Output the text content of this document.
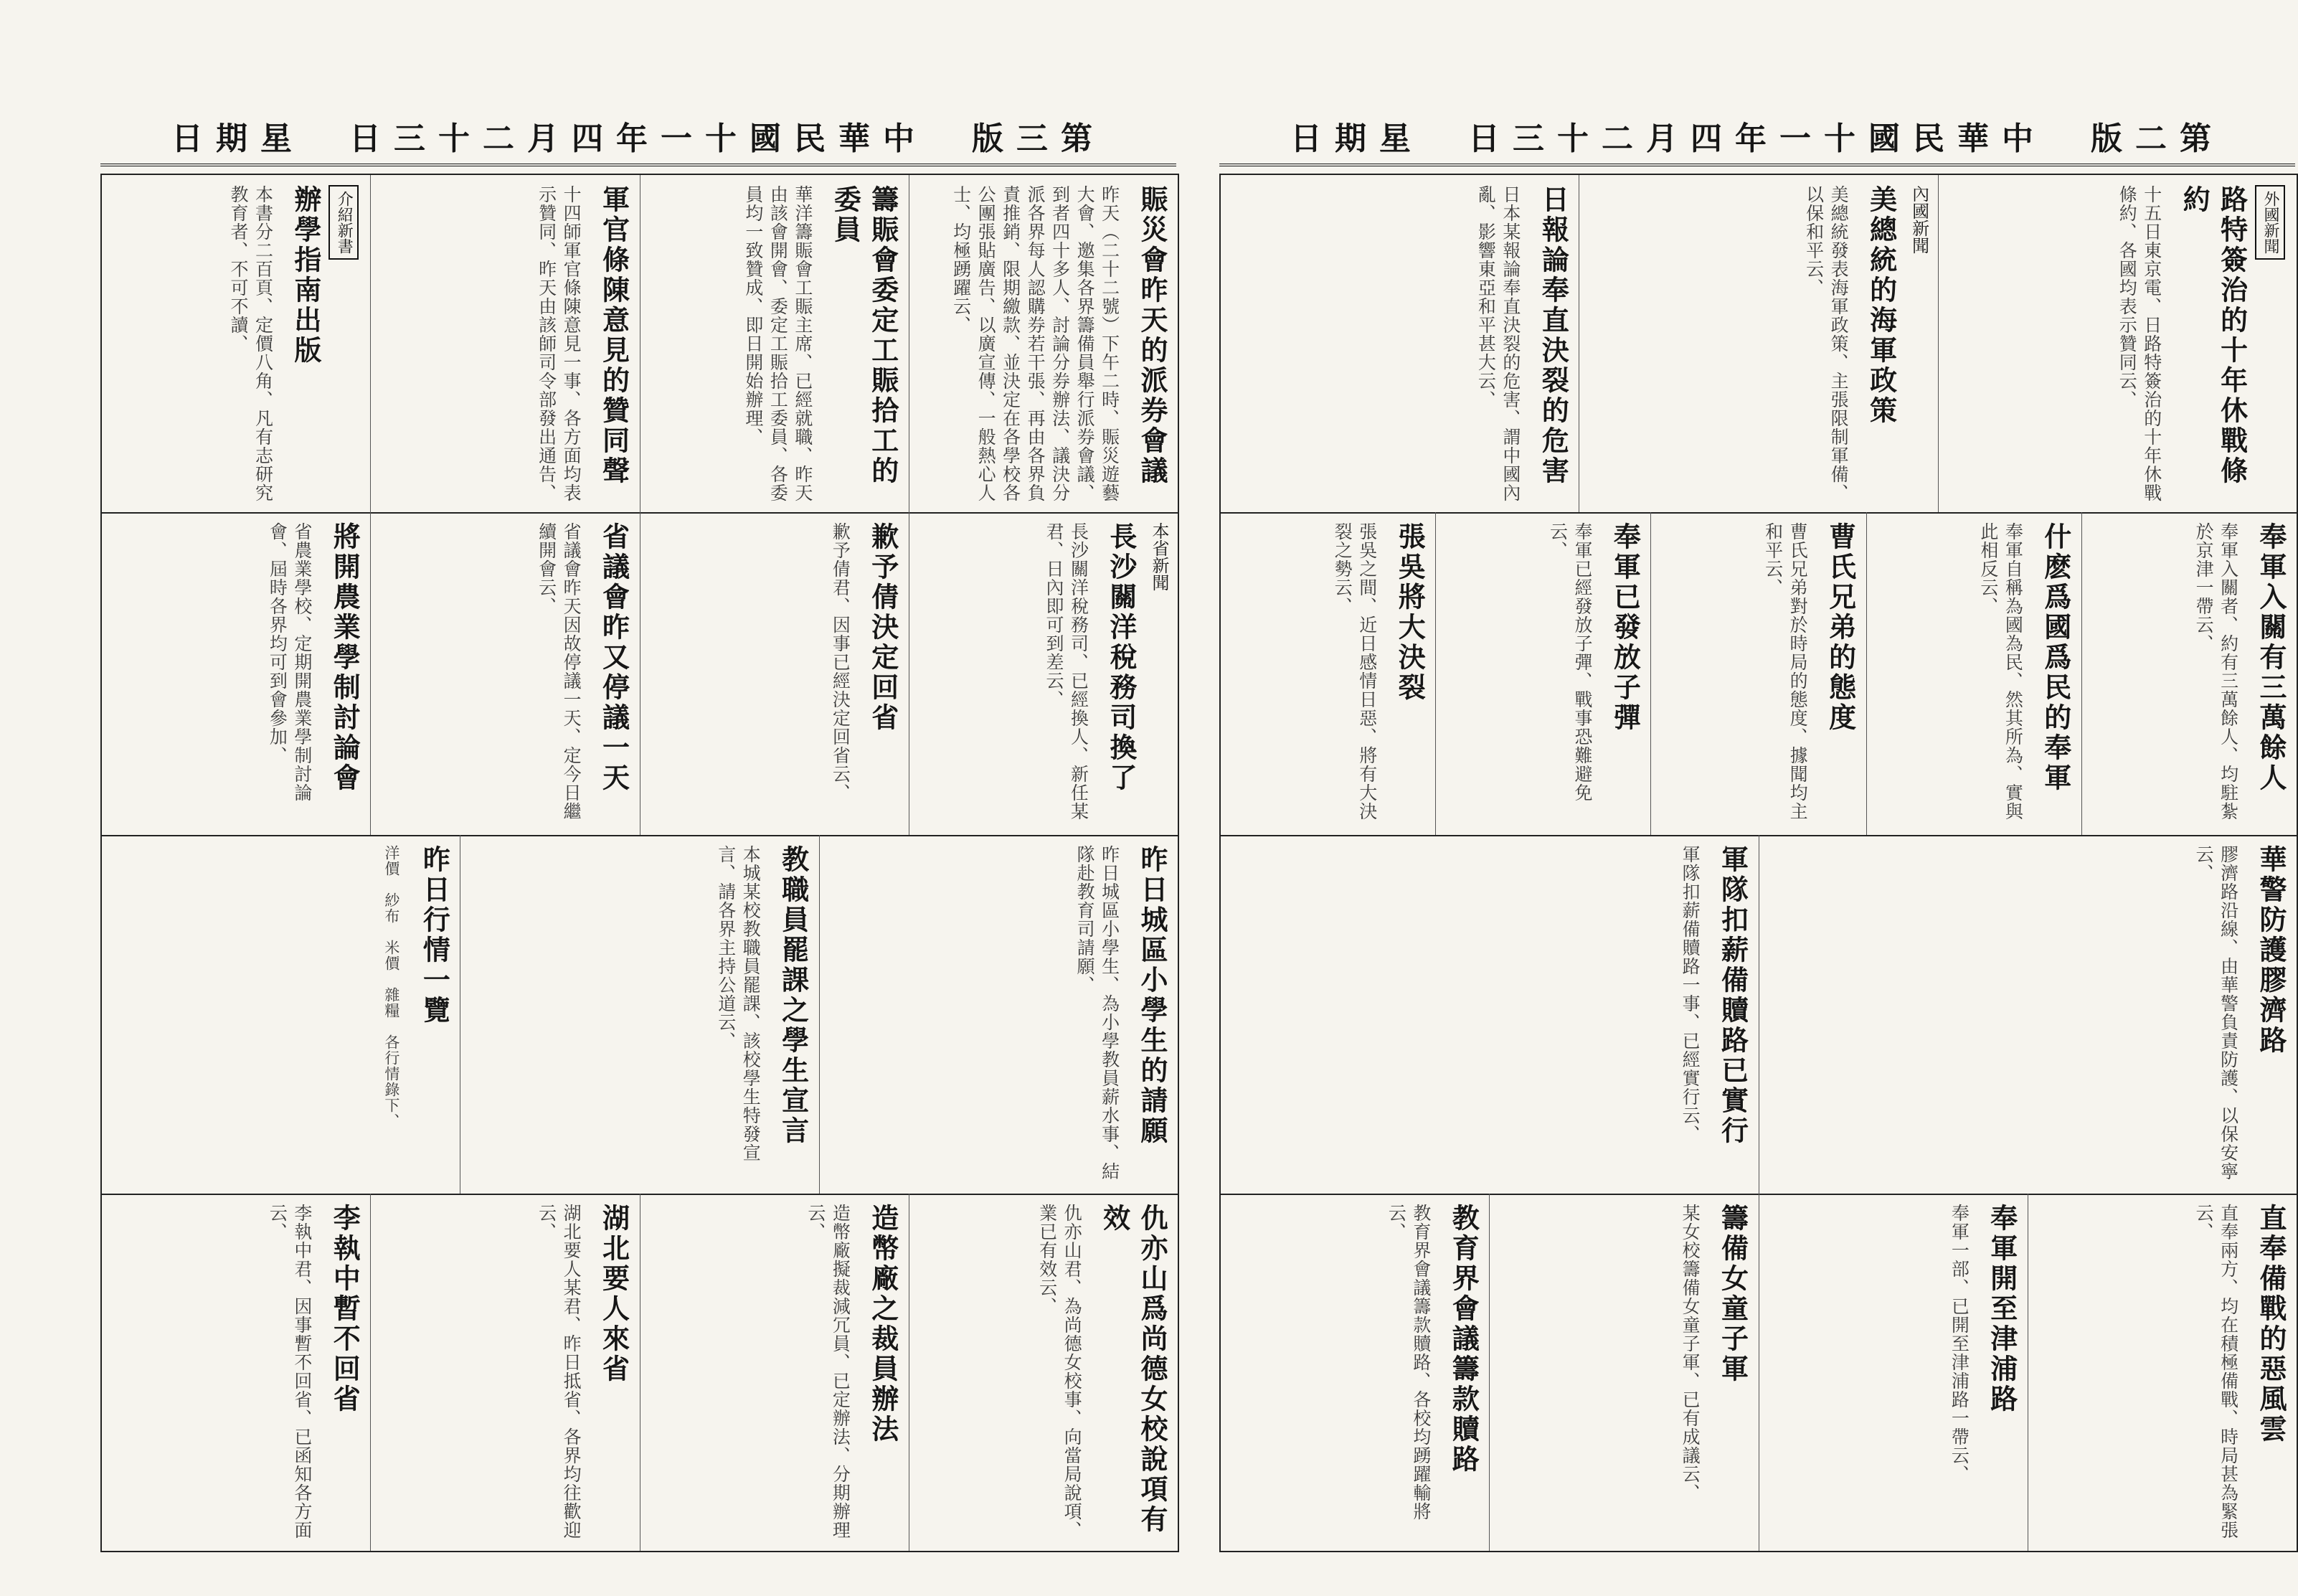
日期星　日三十二月四年一十國民華中　版三第
賑災會昨天的派券會議
昨天（二十二號）下午二時、賑災遊藝大會、邀集各界籌備員舉行派券會議、到者四十多人、討論分券辦法、議決分派各界每人認購券若干張、再由各界負責推銷、限期繳款、並決定在各學校各公團張貼廣告、以廣宣傳、一般熱心人士、均極踴躍云、
籌賑會委定工賑拾工的委員
華洋籌賑會工賑主席、已經就職、昨天由該會開會、委定工賑拾工委員、各委員均一致贊成、即日開始辦理、
軍官條陳意見的贊同聲
十四師軍官條陳意見一事、各方面均表示贊同、昨天由該師司令部發出通告、
介紹新書
辦學指南出版
本書分二百頁、定價八角、凡有志研究教育者、不可不讀、
本省新聞
長沙關洋稅務司換了
長沙關洋稅務司、已經換人、新任某君、日內即可到差云、
歉予倩決定回省
歉予倩君、因事已經決定回省云、
省議會昨又停議一天
省議會昨天因故停議一天、定今日繼續開會云、
將開農業學制討論會
省農業學校、定期開農業學制討論會、屆時各界均可到會參加、
昨日城區小學生的請願
昨日城區小學生、為小學教員薪水事、結隊赴教育司請願、
教職員罷課之學生宣言
本城某校教職員罷課、該校學生特發宣言、請各界主持公道云、
昨日行情一覽
洋價　紗布　米價　雜糧　各行情錄下、
仇亦山爲尚德女校說項有效
仇亦山君、為尚德女校事、向當局說項、業已有效云、
造幣廠之裁員辦法
造幣廠擬裁減冗員、已定辦法、分期辦理云、
湖北要人來省
湖北要人某君、昨日抵省、各界均往歡迎云、
李執中暫不回省
李執中君、因事暫不回省、已函知各方面云、
日期星　日三十二月四年一十國民華中　版二第
外國新聞
路特簽治的十年休戰條約
十五日東京電、日路特簽治的十年休戰條約、各國均表示贊同云、
內國新聞
美總統的海軍政策
美總統發表海軍政策、主張限制軍備、以保和平云、
日報論奉直決裂的危害
日本某報論奉直決裂的危害、謂中國內亂、影響東亞和平甚大云、
奉軍入關有三萬餘人
奉軍入關者、約有三萬餘人、均駐紮於京津一帶云、
什麽爲國爲民的奉軍
奉軍自稱為國為民、然其所為、實與此相反云、
曹氏兄弟的態度
曹氏兄弟對於時局的態度、據聞均主和平云、
奉軍已發放子彈
奉軍已經發放子彈、戰事恐難避免云、
張吳將大決裂
張吳之間、近日感情日惡、將有大決裂之勢云、
華警防護膠濟路
膠濟路沿線、由華警負責防護、以保安寧云、
軍隊扣薪備贖路已實行
軍隊扣薪備贖路一事、已經實行云、
直奉備戰的惡風雲
直奉兩方、均在積極備戰、時局甚為緊張云、
奉軍開至津浦路
奉軍一部、已開至津浦路一帶云、
籌備女童子軍
某女校籌備女童子軍、已有成議云、
教育界會議籌款贖路
教育界會議籌款贖路、各校均踴躍輸將云、
